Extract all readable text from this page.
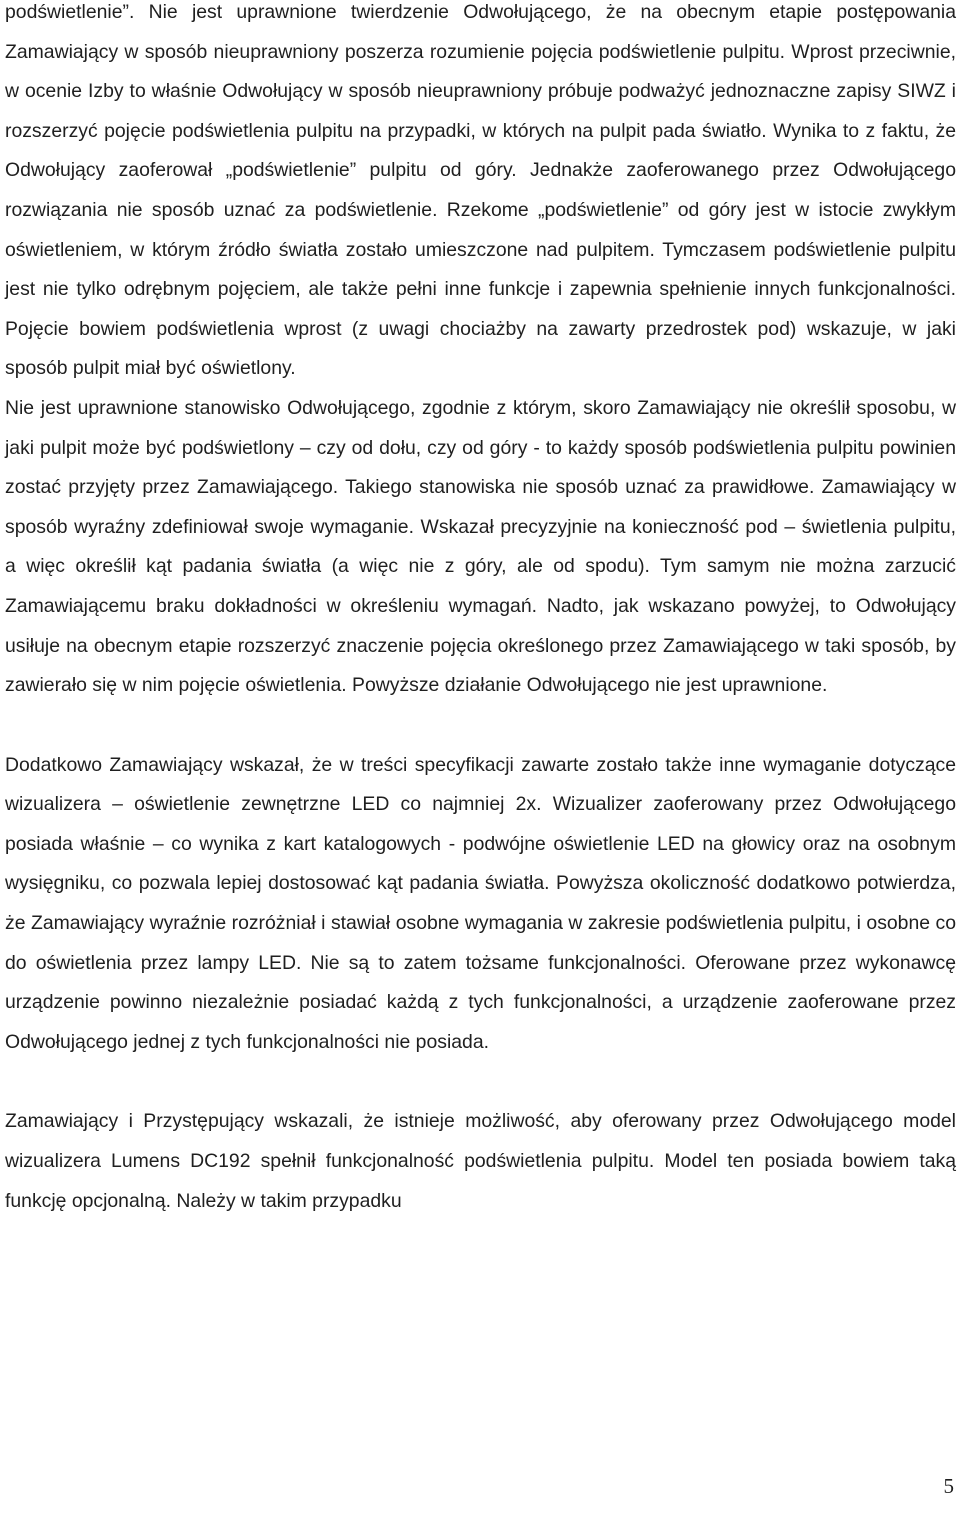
podświetlenie”. Nie jest uprawnione twierdzenie Odwołującego, że na obecnym etapie postępowania Zamawiający w sposób nieuprawniony poszerza rozumienie pojęcia podświetlenie pulpitu. Wprost przeciwnie, w ocenie Izby to właśnie Odwołujący w sposób nieuprawniony próbuje podważyć jednoznaczne zapisy SIWZ i rozszerzyć pojęcie podświetlenia pulpitu na przypadki, w których na pulpit pada światło. Wynika to z faktu, że Odwołujący zaoferował „podświetlenie” pulpitu od góry. Jednakże zaoferowanego przez Odwołującego rozwiązania nie sposób uznać za podświetlenie. Rzekome „podświetlenie” od góry jest w istocie zwykłym oświetleniem, w którym źródło światła zostało umieszczone nad pulpitem. Tymczasem podświetlenie pulpitu jest nie tylko odrębnym pojęciem, ale także pełni inne funkcje i zapewnia spełnienie innych funkcjonalności. Pojęcie bowiem podświetlenia wprost (z uwagi chociażby na zawarty przedrostek pod) wskazuje, w jaki sposób pulpit miał być oświetlony.

Nie jest uprawnione stanowisko Odwołującego, zgodnie z którym, skoro Zamawiający nie określił sposobu, w jaki pulpit może być podświetlony – czy od dołu, czy od góry - to każdy sposób podświetlenia pulpitu powinien zostać przyjęty przez Zamawiającego. Takiego stanowiska nie sposób uznać za prawidłowe. Zamawiający w sposób wyraźny zdefiniował swoje wymaganie. Wskazał precyzyjnie na konieczność pod – świetlenia pulpitu, a więc określił kąt padania światła (a więc nie z góry, ale od spodu). Tym samym nie można zarzucić Zamawiającemu braku dokładności w określeniu wymagań. Nadto, jak wskazano powyżej, to Odwołujący usiłuje na obecnym etapie rozszerzyć znaczenie pojęcia określonego przez Zamawiającego w taki sposób, by zawierało się w nim pojęcie oświetlenia. Powyższe działanie Odwołującego nie jest uprawnione.

Dodatkowo Zamawiający wskazał, że w treści specyfikacji zawarte zostało także inne wymaganie dotyczące wizualizera – oświetlenie zewnętrzne LED co najmniej 2x. Wizualizer zaoferowany przez Odwołującego posiada właśnie – co wynika z kart katalogowych - podwójne oświetlenie LED na głowicy oraz na osobnym wysięgniku, co pozwala lepiej dostosować kąt padania światła. Powyższa okoliczność dodatkowo potwierdza, że Zamawiający wyraźnie rozróżniał i stawiał osobne wymagania w zakresie podświetlenia pulpitu, i osobne co do oświetlenia przez lampy LED. Nie są to zatem tożsame funkcjonalności. Oferowane przez wykonawcę urządzenie powinno niezależnie posiadać każdą z tych funkcjonalności, a urządzenie zaoferowane przez Odwołującego jednej z tych funkcjonalności nie posiada.

Zamawiający i Przystępujący wskazali, że istnieje możliwość, aby oferowany przez Odwołującego model wizualizera Lumens DC192 spełnił funkcjonalność podświetlenia pulpitu. Model ten posiada bowiem taką funkcję opcjonalną. Należy w takim przypadku

5
